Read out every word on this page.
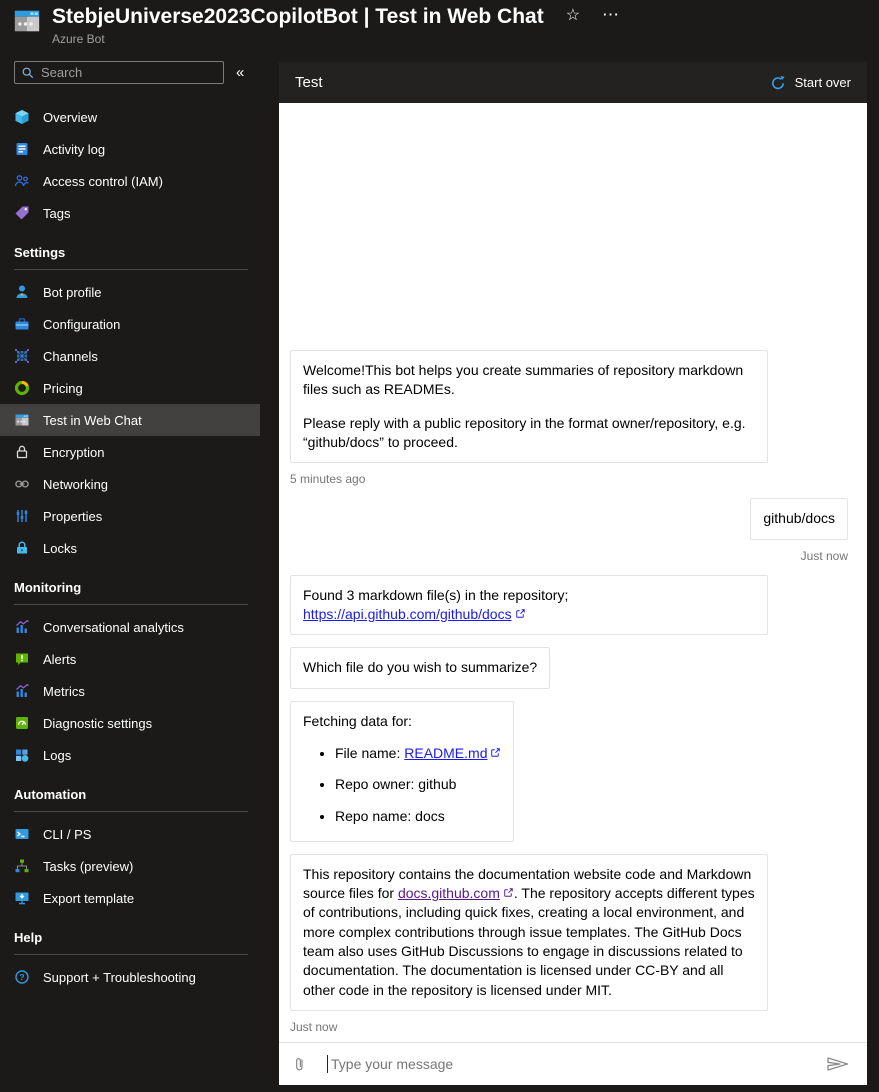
StebjeUniverse2023CopilotBot | Test in Web Chat
Azure Bot
☆ ⋯
Search
«
Overview
Activity log
Access control (IAM)
Tags
Settings
Bot profile
Configuration
Channels
Pricing
Test in Web Chat
Encryption
Networking
Properties
Locks
Monitoring
Conversational analytics
Alerts
Metrics
Diagnostic settings
Logs
Automation
CLI / PS
Tasks (preview)
Export template
Help
? Support + Troubleshooting
Test	Start over

Welcome!This bot helps you create summaries of repository markdown files such as READMEs.

Please reply with a public repository in the format owner/repository, e.g. “github/docs” to proceed.

5 minutes ago

github/docs

Just now

Found 3 markdown file(s) in the repository; https://api.github.com/github/docs

Which file do you wish to summarize?

Fetching data for:

• File name: README.md
• Repo owner: github
• Repo name: docs

This repository contains the documentation website code and Markdown source files for docs.github.com . The repository accepts different types of contributions, including quick fixes, creating a local environment, and more complex contributions through issue templates. The GitHub Docs team also uses GitHub Discussions to engage in discussions related to documentation. The documentation is licensed under CC-BY and all other code in the repository is licensed under MIT.

Just now
Type your message
